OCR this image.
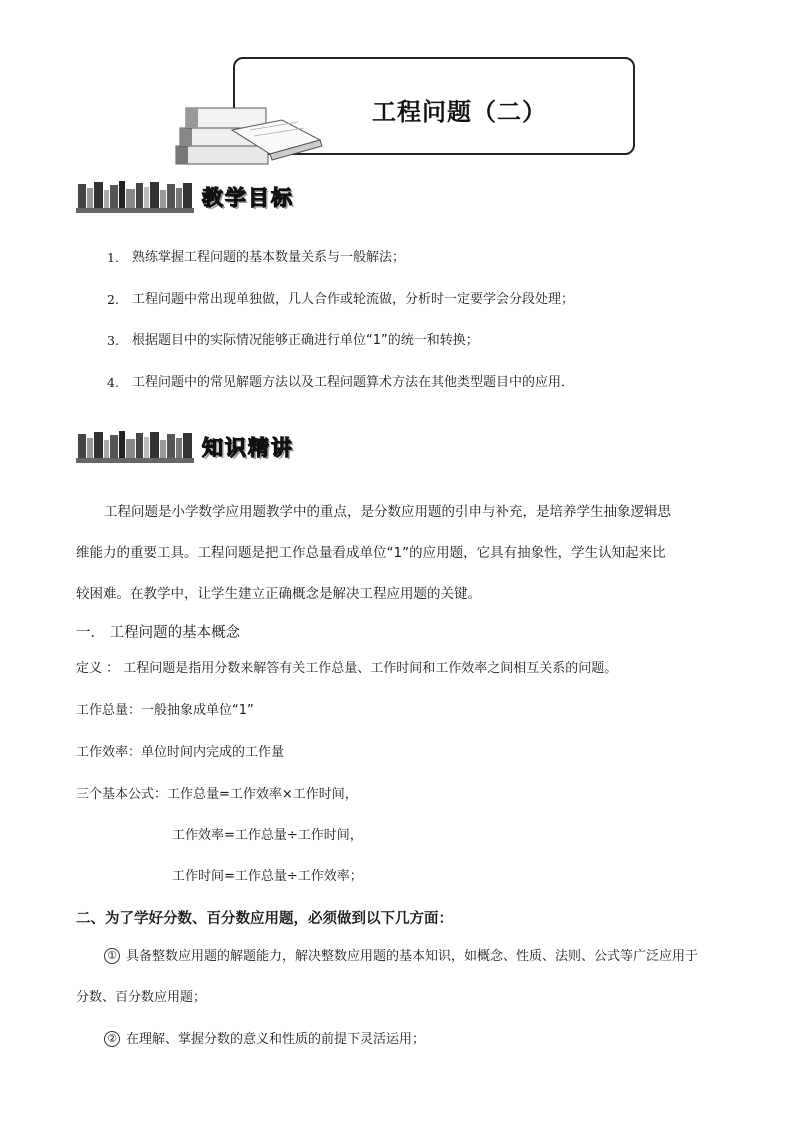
工程问题（二）
教学目标
1. 熟练掌握工程问题的基本数量关系与一般解法；
2. 工程问题中常出现单独做，几人合作或轮流做，分析时一定要学会分段处理；
3. 根据题目中的实际情况能够正确进行单位“1”的统一和转换；
4. 工程问题中的常见解题方法以及工程问题算术方法在其他类型题目中的应用．
知识精讲
工程问题是小学数学应用题教学中的重点，是分数应用题的引申与补充，是培养学生抽象逻辑思
维能力的重要工具。工程问题是把工作总量看成单位“1”的应用题，它具有抽象性，学生认知起来比
较困难。在教学中，让学生建立正确概念是解决工程应用题的关键。
一． 工程问题的基本概念
定义 ： 工程问题是指用分数来解答有关工作总量、工作时间和工作效率之间相互关系的问题。
工作总量：一般抽象成单位“1”
工作效率：单位时间内完成的工作量
三个基本公式：工作总量=工作效率×工作时间，
工作效率=工作总量÷工作时间，
工作时间=工作总量÷工作效率；
二、为了学好分数、百分数应用题，必须做到以下几方面：
① 具备整数应用题的解题能力，解决整数应用题的基本知识，如概念、性质、法则、公式等广泛应用于
分数、百分数应用题；
② 在理解、掌握分数的意义和性质的前提下灵活运用；
